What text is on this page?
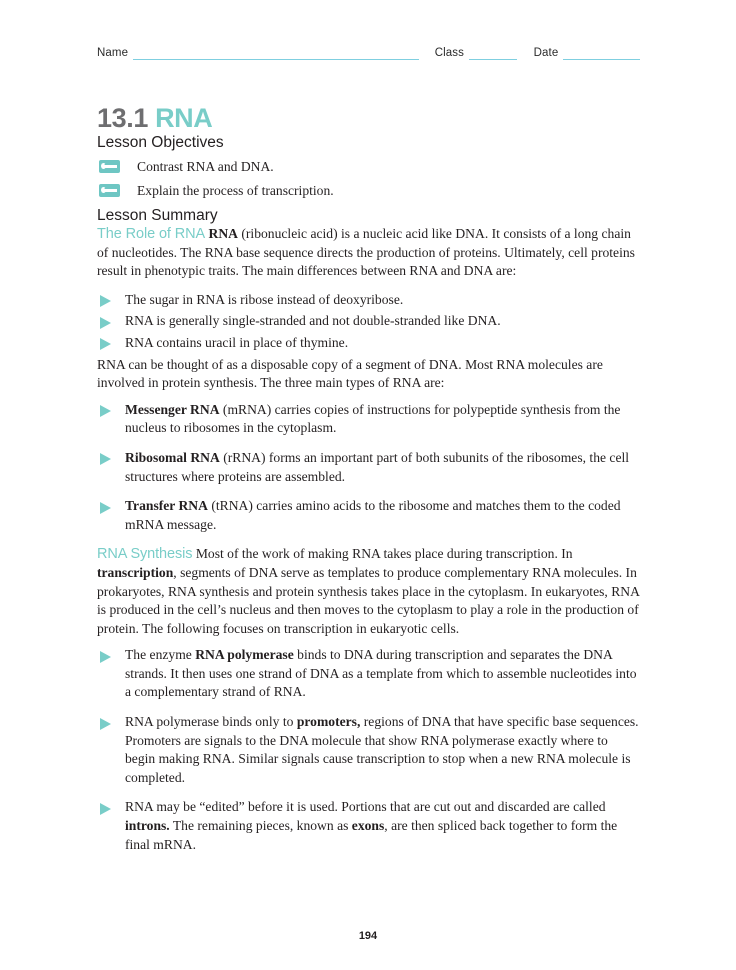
Name	Class	Date
13.1 RNA
Lesson Objectives
Contrast RNA and DNA.
Explain the process of transcription.
Lesson Summary

The Role of RNA RNA (ribonucleic acid) is a nucleic acid like DNA. It consists of a long chain of nucleotides. The RNA base sequence directs the production of proteins. Ultimately, cell proteins result in phenotypic traits. The main differences between RNA and DNA are:

The sugar in RNA is ribose instead of deoxyribose.
RNA is generally single-stranded and not double-stranded like DNA.
RNA contains uracil in place of thymine.

RNA can be thought of as a disposable copy of a segment of DNA. Most RNA molecules are involved in protein synthesis. The three main types of RNA are:

Messenger RNA (mRNA) carries copies of instructions for polypeptide synthesis from the nucleus to ribosomes in the cytoplasm.
Ribosomal RNA (rRNA) forms an important part of both subunits of the ribosomes, the cell structures where proteins are assembled.
Transfer RNA (tRNA) carries amino acids to the ribosome and matches them to the coded mRNA message.

RNA Synthesis Most of the work of making RNA takes place during transcription. In transcription, segments of DNA serve as templates to produce complementary RNA molecules. In prokaryotes, RNA synthesis and protein synthesis takes place in the cytoplasm. In eukaryotes, RNA is produced in the cell’s nucleus and then moves to the cytoplasm to play a role in the production of protein. The following focuses on transcription in eukaryotic cells.

The enzyme RNA polymerase binds to DNA during transcription and separates the DNA strands. It then uses one strand of DNA as a template from which to assemble nucleotides into a complementary strand of RNA.
RNA polymerase binds only to promoters, regions of DNA that have specific base sequences. Promoters are signals to the DNA molecule that show RNA polymerase exactly where to begin making RNA. Similar signals cause transcription to stop when a new RNA molecule is completed.
RNA may be “edited” before it is used. Portions that are cut out and discarded are called introns. The remaining pieces, known as exons, are then spliced back together to form the final mRNA.
194
